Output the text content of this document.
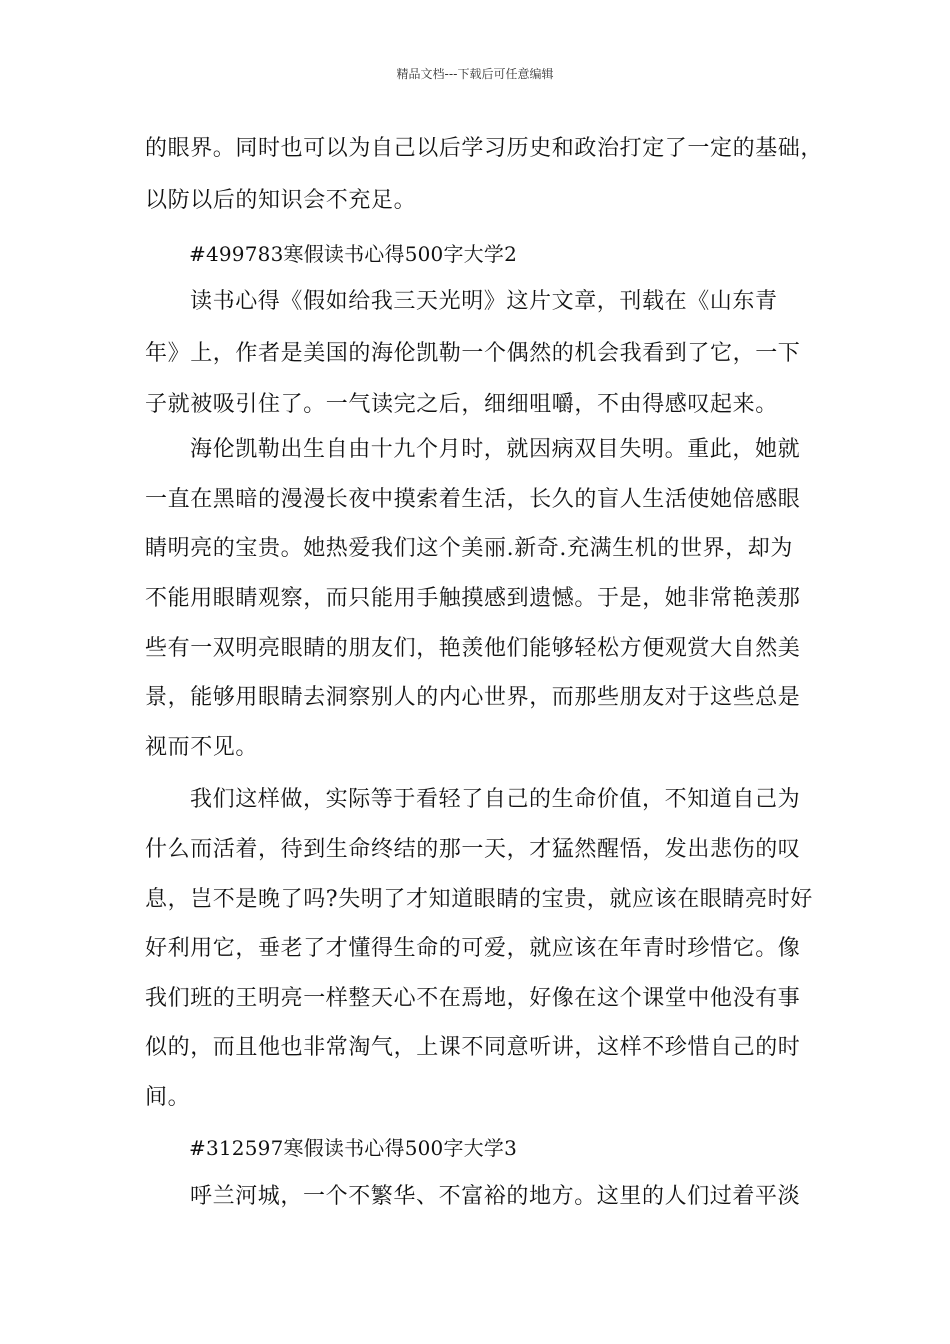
精品文档---下载后可任意编辑
的眼界。同时也可以为自己以后学习历史和政治打定了一定的基础，
以防以后的知识会不充足。
#499783寒假读书心得500字大学2
读书心得《假如给我三天光明》这片文章，刊载在《山东青
年》上，作者是美国的海伦凯勒一个偶然的机会我看到了它，一下
子就被吸引住了。一气读完之后，细细咀嚼，不由得感叹起来。
海伦凯勒出生自由十九个月时，就因病双目失明。重此，她就
一直在黑暗的漫漫长夜中摸索着生活，长久的盲人生活使她倍感眼
睛明亮的宝贵。她热爱我们这个美丽.新奇.充满生机的世界，却为
不能用眼睛观察，而只能用手触摸感到遗憾。于是，她非常艳羡那
些有一双明亮眼睛的朋友们，艳羡他们能够轻松方便观赏大自然美
景，能够用眼睛去洞察别人的内心世界，而那些朋友对于这些总是
视而不见。
我们这样做，实际等于看轻了自己的生命价值，不知道自己为
什么而活着，待到生命终结的那一天，才猛然醒悟，发出悲伤的叹
息，岂不是晚了吗?失明了才知道眼睛的宝贵，就应该在眼睛亮时好
好利用它，垂老了才懂得生命的可爱，就应该在年青时珍惜它。像
我们班的王明亮一样整天心不在焉地，好像在这个课堂中他没有事
似的，而且他也非常淘气，上课不同意听讲，这样不珍惜自己的时
间。
#312597寒假读书心得500字大学3
呼兰河城，一个不繁华、不富裕的地方。这里的人们过着平淡
